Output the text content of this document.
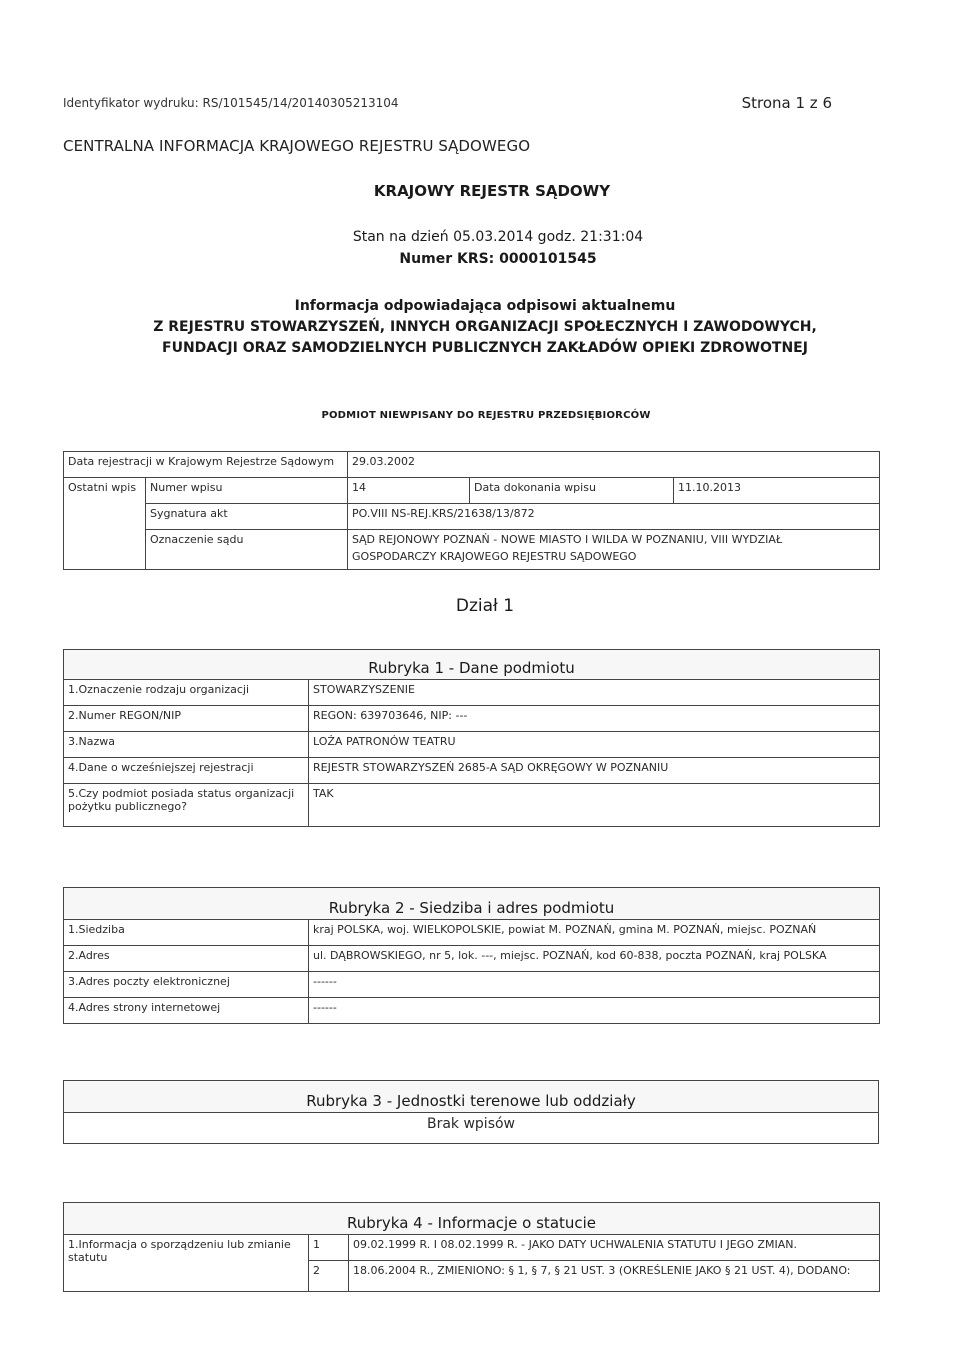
Identyfikator wydruku: RS/101545/14/20140305213104	Strona 1 z 6
CENTRALNA INFORMACJA KRAJOWEGO REJESTRU SĄDOWEGO
KRAJOWY REJESTR SĄDOWY
Stan na dzień 05.03.2014 godz. 21:31:04
Numer KRS: 0000101545
Informacja odpowiadająca odpisowi aktualnemu
Z REJESTRU STOWARZYSZEŃ, INNYCH ORGANIZACJI SPOŁECZNYCH I ZAWODOWYCH,
FUNDACJI ORAZ SAMODZIELNYCH PUBLICZNYCH ZAKŁADÓW OPIEKI ZDROWOTNEJ
PODMIOT NIEWPISANY DO REJESTRU PRZEDSIĘBIORCÓW
Data rejestracji w Krajowym Rejestrze Sądowym		29.03.2002		
Ostatni wpis	Numer wpisu	14	Data dokonania wpisu	11.10.2013
	Sygnatura akt	PO.VIII NS-REJ.KRS/21638/13/872		
	Oznaczenie sądu	SĄD REJONOWY POZNAŃ - NOWE MIASTO I WILDA W POZNANIU, VIII WYDZIAŁ		
		GOSPODARCZY KRAJOWEGO REJESTRU SĄDOWEGO		
Dział 1
Rubryka 1 - Dane podmiotu	
1.Oznaczenie rodzaju organizacji	STOWARZYSZENIE
2.Numer REGON/NIP	REGON: 639703646, NIP: ---
3.Nazwa	LOŻA PATRONÓW TEATRU
4.Dane o wcześniejszej rejestracji	REJESTR STOWARZYSZEŃ 2685-A SĄD OKRĘGOWY W POZNANIU
5.Czy podmiot posiada status organizacji pożytku publicznego?	TAK
Rubryka 2 - Siedziba i adres podmiotu	
1.Siedziba	kraj POLSKA, woj. WIELKOPOLSKIE, powiat M. POZNAŃ, gmina M. POZNAŃ, miejsc. POZNAŃ
2.Adres	ul. DĄBROWSKIEGO, nr 5, lok. ---, miejsc. POZNAŃ, kod 60-838, poczta POZNAŃ, kraj POLSKA
3.Adres poczty elektronicznej	------
4.Adres strony internetowej	------
Rubryka 3 - Jednostki terenowe lub oddziały
Brak wpisów
Rubryka 4 - Informacje o statucie		
1.Informacja o sporządzeniu lub zmianie statutu	1	09.02.1999 R. I 08.02.1999 R. - JAKO DATY UCHWALENIA STATUTU I JEGO ZMIAN.
	2	18.06.2004 R., ZMIENIONO: § 1, § 7, § 21 UST. 3 (OKREŚLENIE JAKO § 21 UST. 4), DODANO:
